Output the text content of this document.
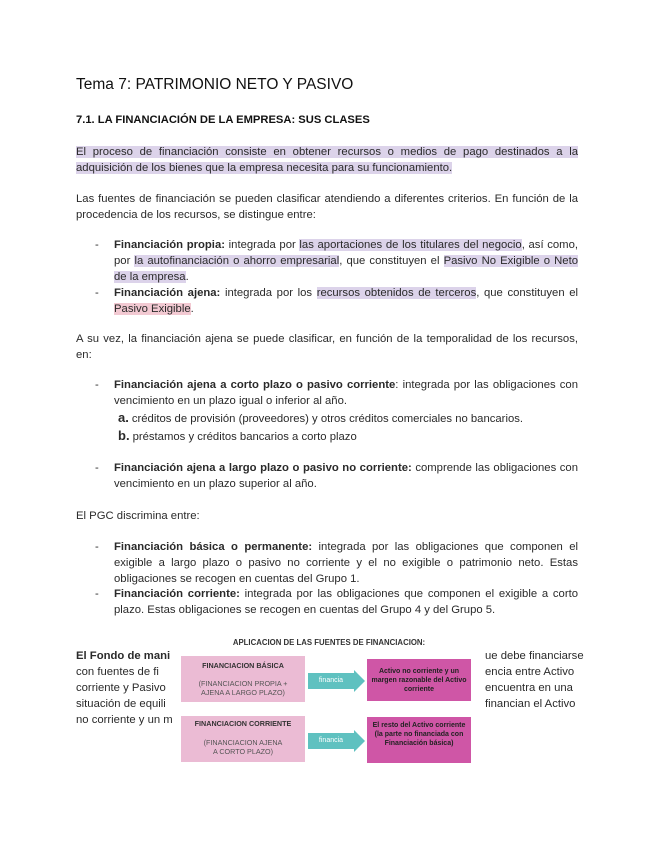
Tema 7: PATRIMONIO NETO Y PASIVO
7.1. LA FINANCIACIÓN DE LA EMPRESA: SUS CLASES
El proceso de financiación consiste en obtener recursos o medios de pago destinados a la adquisición de los bienes que la empresa necesita para su funcionamiento.
Las fuentes de financiación se pueden clasificar atendiendo a diferentes criterios. En función de la procedencia de los recursos, se distingue entre:
- Financiación propia: integrada por las aportaciones de los titulares del negocio, así como, por la autofinanciación o ahorro empresarial, que constituyen el Pasivo No Exigible o Neto de la empresa.
- Financiación ajena: integrada por los recursos obtenidos de terceros, que constituyen el Pasivo Exigible.
A su vez, la financiación ajena se puede clasificar, en función de la temporalidad de los recursos, en:
- Financiación ajena a corto plazo o pasivo corriente: integrada por las obligaciones con vencimiento en un plazo igual o inferior al año.
a. créditos de provisión (proveedores) y otros créditos comerciales no bancarios.
b. préstamos y créditos bancarios a corto plazo
- Financiación ajena a largo plazo o pasivo no corriente: comprende las obligaciones con vencimiento en un plazo superior al año.
El PGC discrimina entre:
- Financiación básica o permanente: integrada por las obligaciones que componen el exigible a largo plazo o pasivo no corriente y el no exigible o patrimonio neto. Estas obligaciones se recogen en cuentas del Grupo 1.
- Financiación corriente: integrada por las obligaciones que componen el exigible a corto plazo. Estas obligaciones se recogen en cuentas del Grupo 4 y del Grupo 5.
El Fondo de mani	ue debe financiarse
con fuentes de fi	encia entre Activo
corriente y Pasivo	encuentra en una
situación de equili	financian el Activo
no corriente y un m
APLICACION DE LAS FUENTES DE FINANCIACION:
FINANCIACION BÁSICA
(FINANCIACION PROPIA +
AJENA A LARGO PLAZO)
financia
Activo no corriente y un margen razonable del Activo corriente
FINANCIACION CORRIENTE
(FINANCIACION AJENA
A CORTO PLAZO)
financia
El resto del Activo corriente (la parte no financiada con Financiación básica)
